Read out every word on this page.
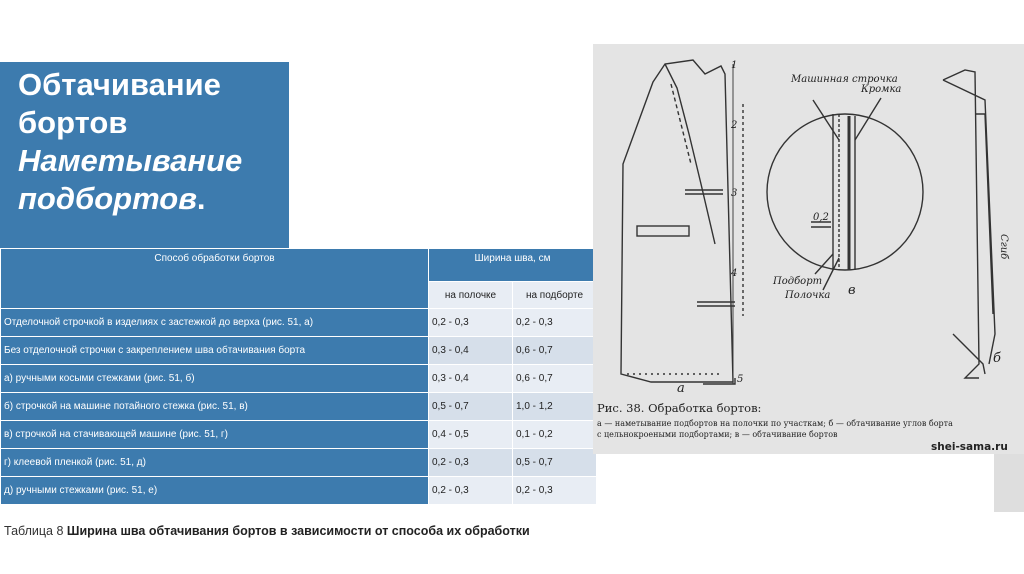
Обтачивание
бортов
Наметывание
подбортов.
Способ обработки бортов	Ширина шва, см	
	на полочке	на подборте
Отделочной строчкой в изделиях с застежкой до верха (рис. 51, а)	0,2 - 0,3	0,2 - 0,3
Без отделочной строчки с закреплением шва обтачивания борта	0,3 - 0,4	0,6 - 0,7
а) ручными косыми стежками (рис. 51, б)	0,3 - 0,4	0,6 - 0,7
б) строчкой на машине потайного стежка (рис. 51, в)	0,5 - 0,7	1,0 - 1,2
в) строчкой на стачивающей машине (рис. 51, г)	0,4 - 0,5	0,1 - 0,2
г) клеевой пленкой (рис. 51, д)	0,2 - 0,3	0,5 - 0,7
д) ручными стежками (рис. 51, е)	0,2 - 0,3	0,2 - 0,3
Таблица 8 Ширина шва обтачивания бортов в зависимости от способа их обработки
Машинная строчка
Кромка
0,2
Подборт
Полочка в
а
б
Сгиб
1
2
3
4
5
Рис. 38. Обработка бортов:
а — наметывание подбортов на полочки по участкам; б — обтачивание углов борта
с цельнокроеными подбортами; в — обтачивание бортов
shei-sama.ru
